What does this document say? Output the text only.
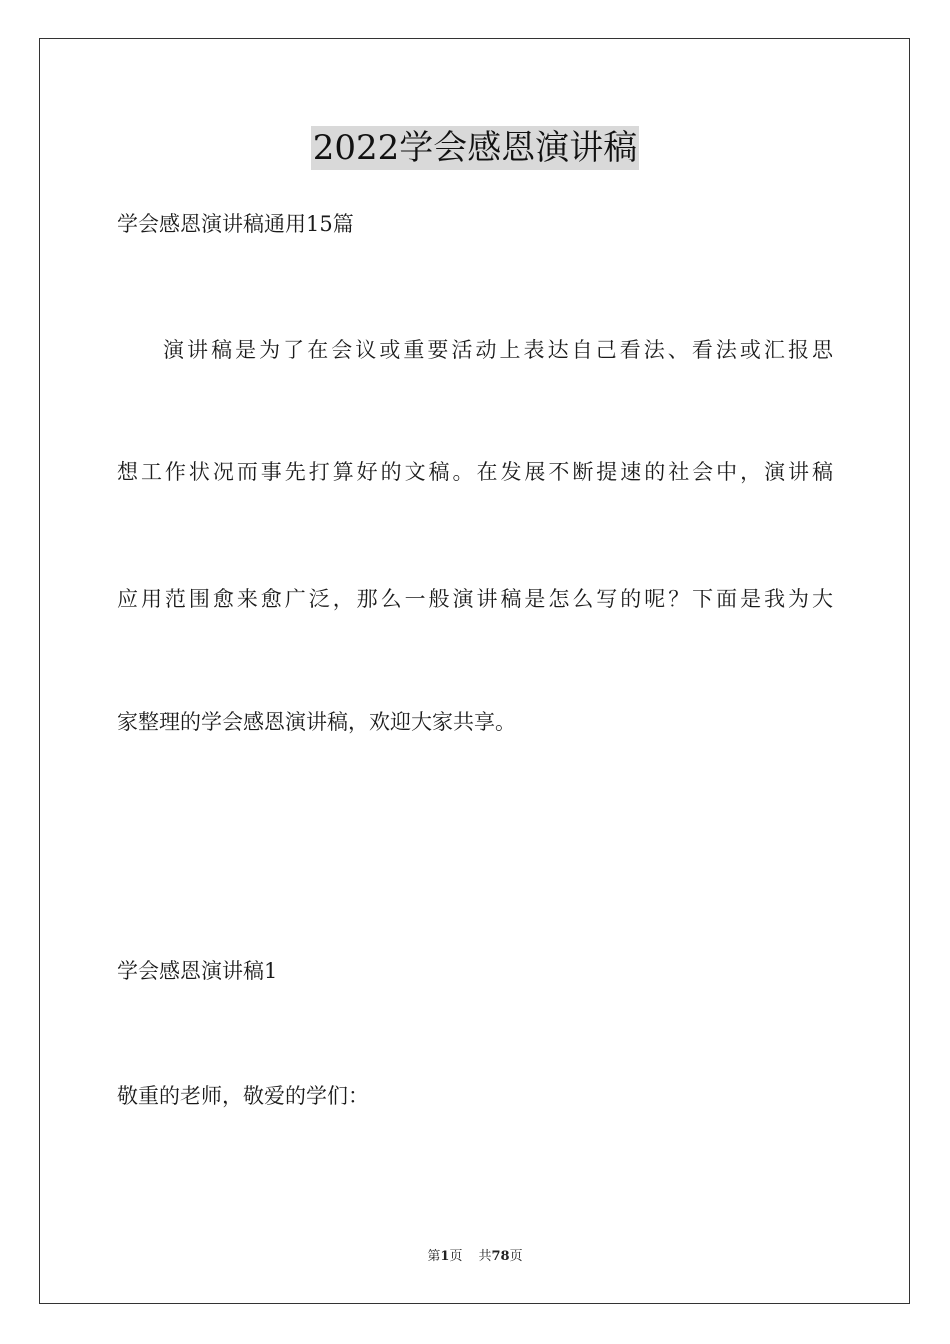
2022学会感恩演讲稿
学会感恩演讲稿通用15篇
演讲稿是为了在会议或重要活动上表达自己看法、看法或汇报思
想工作状况而事先打算好的文稿。在发展不断提速的社会中，演讲稿
应用范围愈来愈广泛，那么一般演讲稿是怎么写的呢？下面是我为大
家整理的学会感恩演讲稿，欢迎大家共享。
学会感恩演讲稿1
敬重的老师，敬爱的学们：
第1页 共78页
